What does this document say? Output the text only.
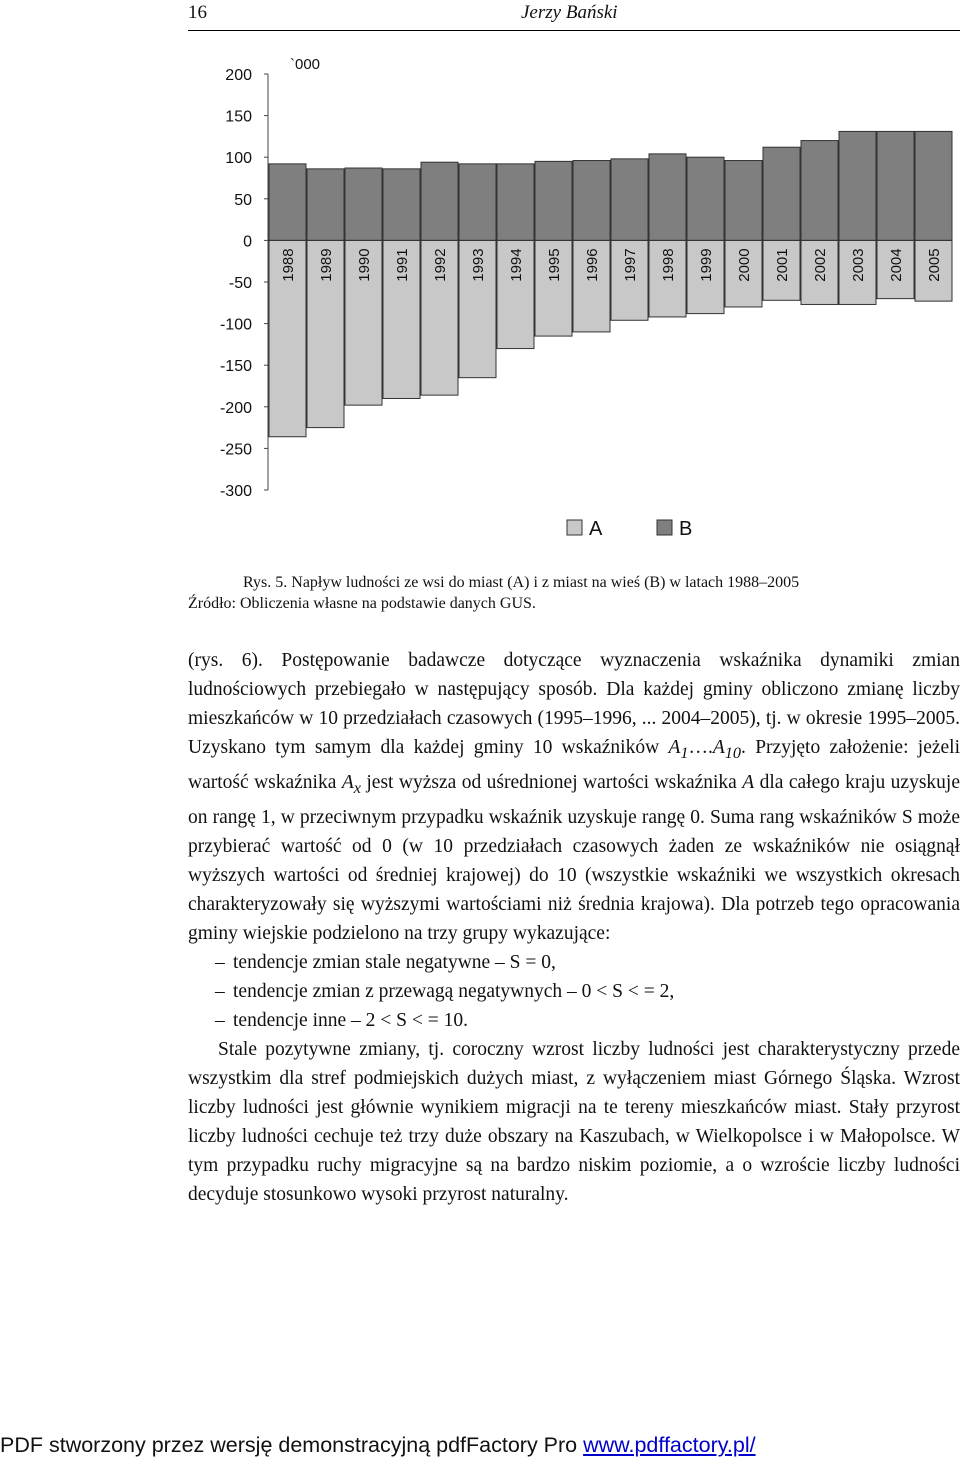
16	Jerzy Bański
200
150
100
50
0
-50
-100
-150
-200
-250
-300
`000
1988 1989 1990 1991 1992 1993 1994 1995 1996 1997 1998 1999 2000 2001 2002 2003 2004 2005
A	B

Rys. 5. Napływ ludności ze wsi do miast (A) i z miast na wieś (B) w latach 1988–2005

Źródło: Obliczenia własne na podstawie danych GUS.

(rys. 6). Postępowanie badawcze dotyczące wyznaczenia wskaźnika dynamiki zmian ludnościowych przebiegało w następujący sposób. Dla każdej gminy obliczono zmianę liczby mieszkańców w 10 przedziałach czasowych (1995–1996, ... 2004–2005), tj. w okresie 1995–2005. Uzyskano tym samym dla każdej gminy 10 wskaźników $A_1\dots.A_{10}$. Przyjęto założenie: jeżeli wartość wskaźnika $A_x$ jest wyższa od uśrednionej wartości wskaźnika A dla całego kraju uzyskuje on rangę 1, w przeciwnym przypadku wskaźnik uzyskuje rangę 0. Suma rang wskaźników S może przybierać wartość od 0 (w 10 przedziałach czasowych żaden ze wskaźników nie osiągnął wyższych wartości od średniej krajowej) do 10 (wszystkie wskaźniki we wszystkich okresach charakteryzowały się wyższymi wartościami niż średnia krajowa). Dla potrzeb tego opracowania gminy wiejskie podzielono na trzy grupy wykazujące:

– tendencje zmian stale negatywne – S = 0,
– tendencje zmian z przewagą negatywnych – 0 < S < = 2,
– tendencje inne – 2 < S < = 10.

Stale pozytywne zmiany, tj. coroczny wzrost liczby ludności jest charakterystyczny przede wszystkim dla stref podmiejskich dużych miast, z wyłączeniem miast Górnego Śląska. Wzrost liczby ludności jest głównie wynikiem migracji na te tereny mieszkańców miast. Stały przyrost liczby ludności cechuje też trzy duże obszary na Kaszubach, w Wielkopolsce i w Małopolsce. W tym przypadku ruchy migracyjne są na bardzo niskim poziomie, a o wzroście liczby ludności decyduje stosunkowo wysoki przyrost naturalny.

PDF stworzony przez wersję demonstracyjną pdfFactory Pro www.pdffactory.pl/
